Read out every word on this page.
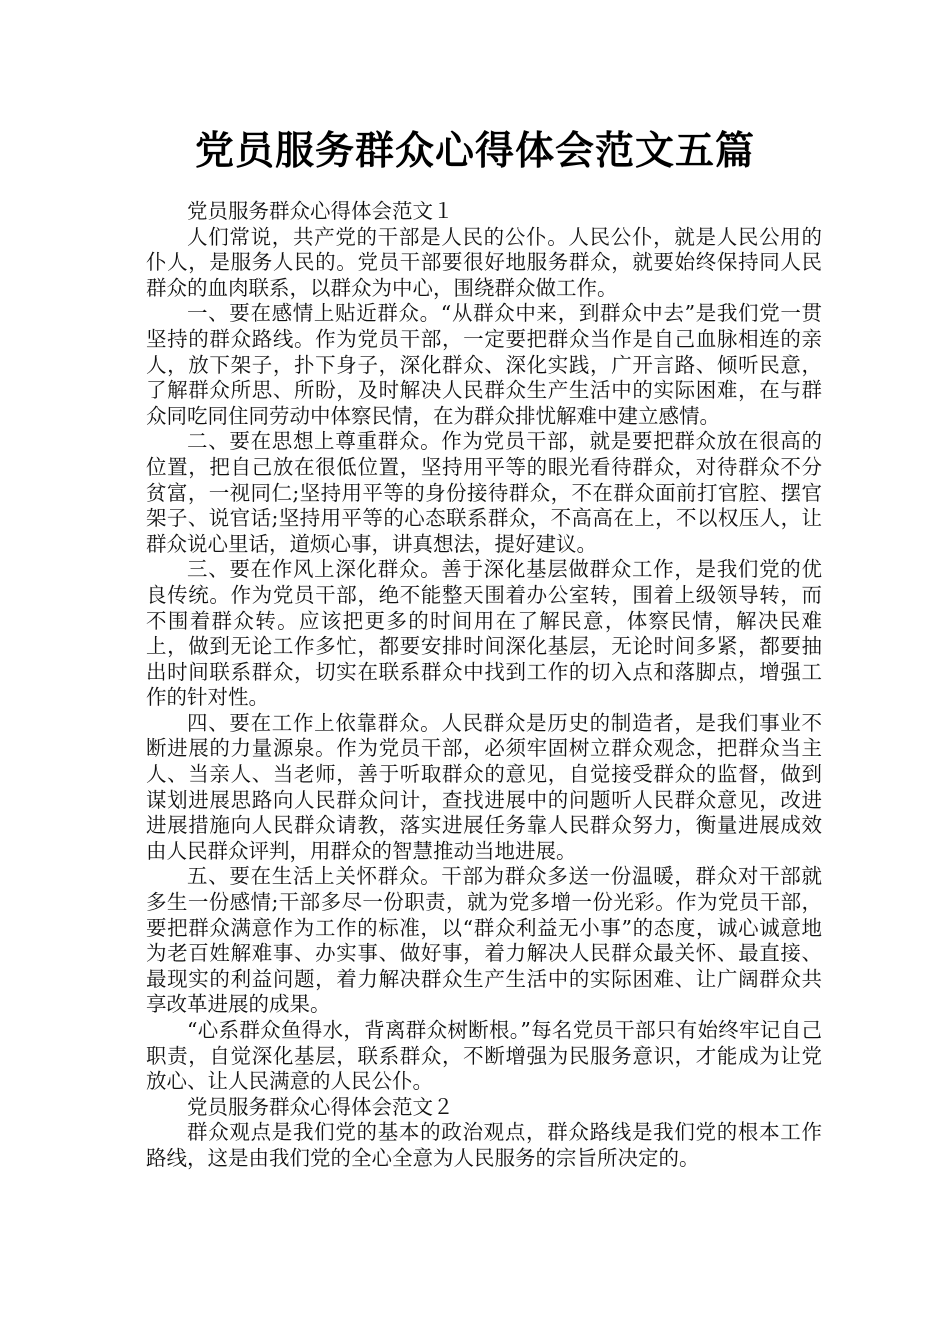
党员服务群众心得体会范文五篇

党员服务群众心得体会范文１

人们常说，共产党的干部是人民的公仆。人民公仆，就是人民公用的仆人，是服务人民的。党员干部要很好地服务群众，就要始终保持同人民群众的血肉联系，以群众为中心，围绕群众做工作。

一、要在感情上贴近群众。“从群众中来，到群众中去”是我们党一贯坚持的群众路线。作为党员干部，一定要把群众当作是自己血脉相连的亲人，放下架子，扑下身子，深化群众、深化实践，广开言路、倾听民意，了解群众所思、所盼，及时解决人民群众生产生活中的实际困难，在与群众同吃同住同劳动中体察民情，在为群众排忧解难中建立感情。

二、要在思想上尊重群众。作为党员干部，就是要把群众放在很高的位置，把自己放在很低位置，坚持用平等的眼光看待群众，对待群众不分贫富，一视同仁;坚持用平等的身份接待群众，不在群众面前打官腔、摆官架子、说官话;坚持用平等的心态联系群众，不高高在上，不以权压人，让群众说心里话，道烦心事，讲真想法，提好建议。

三、要在作风上深化群众。善于深化基层做群众工作，是我们党的优良传统。作为党员干部，绝不能整天围着办公室转，围着上级领导转，而不围着群众转。应该把更多的时间用在了解民意，体察民情，解决民难上，做到无论工作多忙，都要安排时间深化基层，无论时间多紧，都要抽出时间联系群众，切实在联系群众中找到工作的切入点和落脚点，增强工作的针对性。

四、要在工作上依靠群众。人民群众是历史的制造者，是我们事业不断进展的力量源泉。作为党员干部，必须牢固树立群众观念，把群众当主人、当亲人、当老师，善于听取群众的意见，自觉接受群众的监督，做到谋划进展思路向人民群众问计，查找进展中的问题听人民群众意见，改进进展措施向人民群众请教，落实进展任务靠人民群众努力，衡量进展成效由人民群众评判，用群众的智慧推动当地进展。

五、要在生活上关怀群众。干部为群众多送一份温暖，群众对干部就多生一份感情;干部多尽一份职责，就为党多增一份光彩。作为党员干部，要把群众满意作为工作的标准，以“群众利益无小事”的态度，诚心诚意地为老百姓解难事、办实事、做好事，着力解决人民群众最关怀、最直接、最现实的利益问题，着力解决群众生产生活中的实际困难、让广阔群众共享改革进展的成果。

“心系群众鱼得水，背离群众树断根。”每名党员干部只有始终牢记自己职责，自觉深化基层，联系群众，不断增强为民服务意识，才能成为让党放心、让人民满意的人民公仆。

党员服务群众心得体会范文２

群众观点是我们党的基本的政治观点，群众路线是我们党的根本工作路线，这是由我们党的全心全意为人民服务的宗旨所决定的。
